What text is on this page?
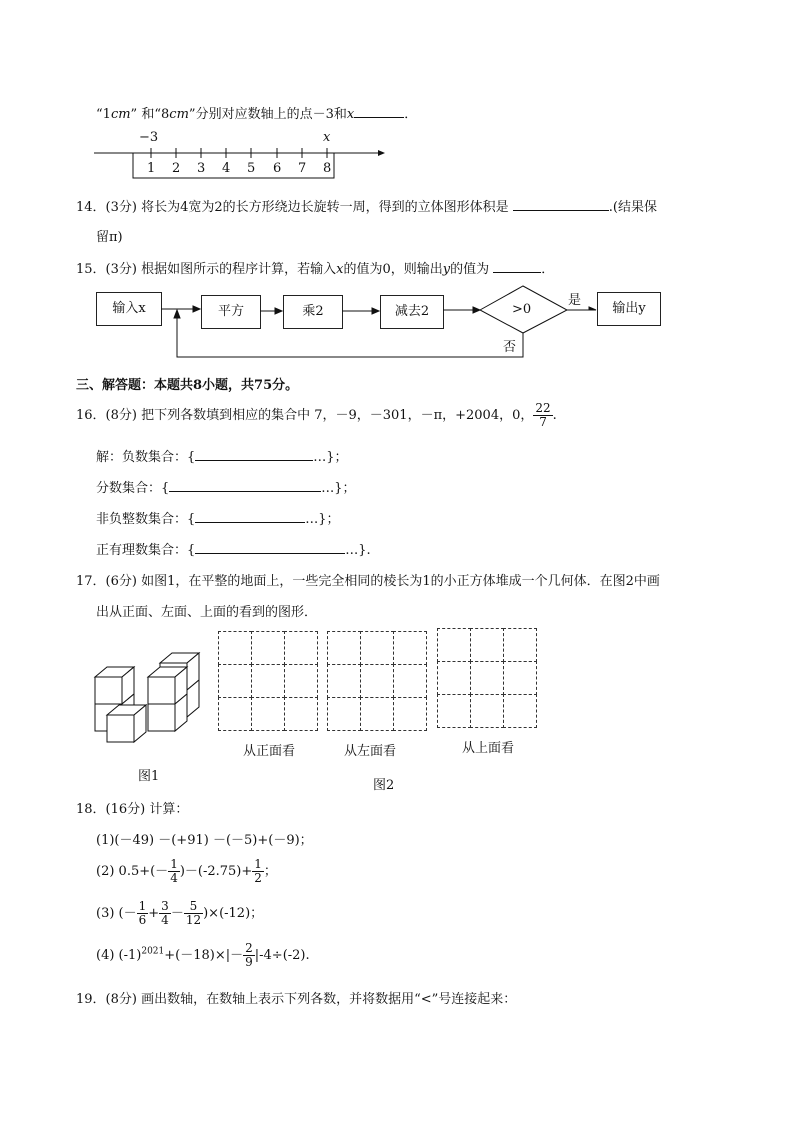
“1cm” 和“8cm”分别对应数轴上的点－3和x	．
−3	x
1 2 3 4 5 6 7 8
14．(3分) 将长为4宽为2的长方形绕边长旋转一周，得到的立体图形体积是	.(结果保
留π)
15．(3分) 根据如图所示的程序计算，若输入x的值为0，则输出y的值为	．
输入x	平方	乘2	减去2	输出y
>0
是
否
三、解答题：本题共8小题，共75分。
16．(8分) 把下列各数填到相应的集合中 7，－9，－301，－π，+2004，0， $\frac{22}{7}$ .
解：负数集合：{	…}；
分数集合：{	…}；
非负整数集合：{	…}；
正有理数集合：{	…}.
17．(6分) 如图1，在平整的地面上，一些完全相同的棱长为1的小正方体堆成一个几何体．在图2中画
出从正面、左面、上面的看到的图形．
图1
从正面看	从左面看	从上面看
图2
18．(16分) 计算：
(1)(－49) －(+91) －(－5)+(－9)；
(2) $0.5+(- \frac{1}{4} )-(-2.75)+ \frac{1}{2}$ ；
(3) (－ $\frac{1}{6} + \frac{3}{4} - \frac{5}{12} )\times(-12)$；
(4) $(-1)^{2021}+(-18)\times|- \frac{2}{9} |-4\div(-2)$.
19．(8分) 画出数轴，在数轴上表示下列各数，并将数据用“<”号连接起来：
